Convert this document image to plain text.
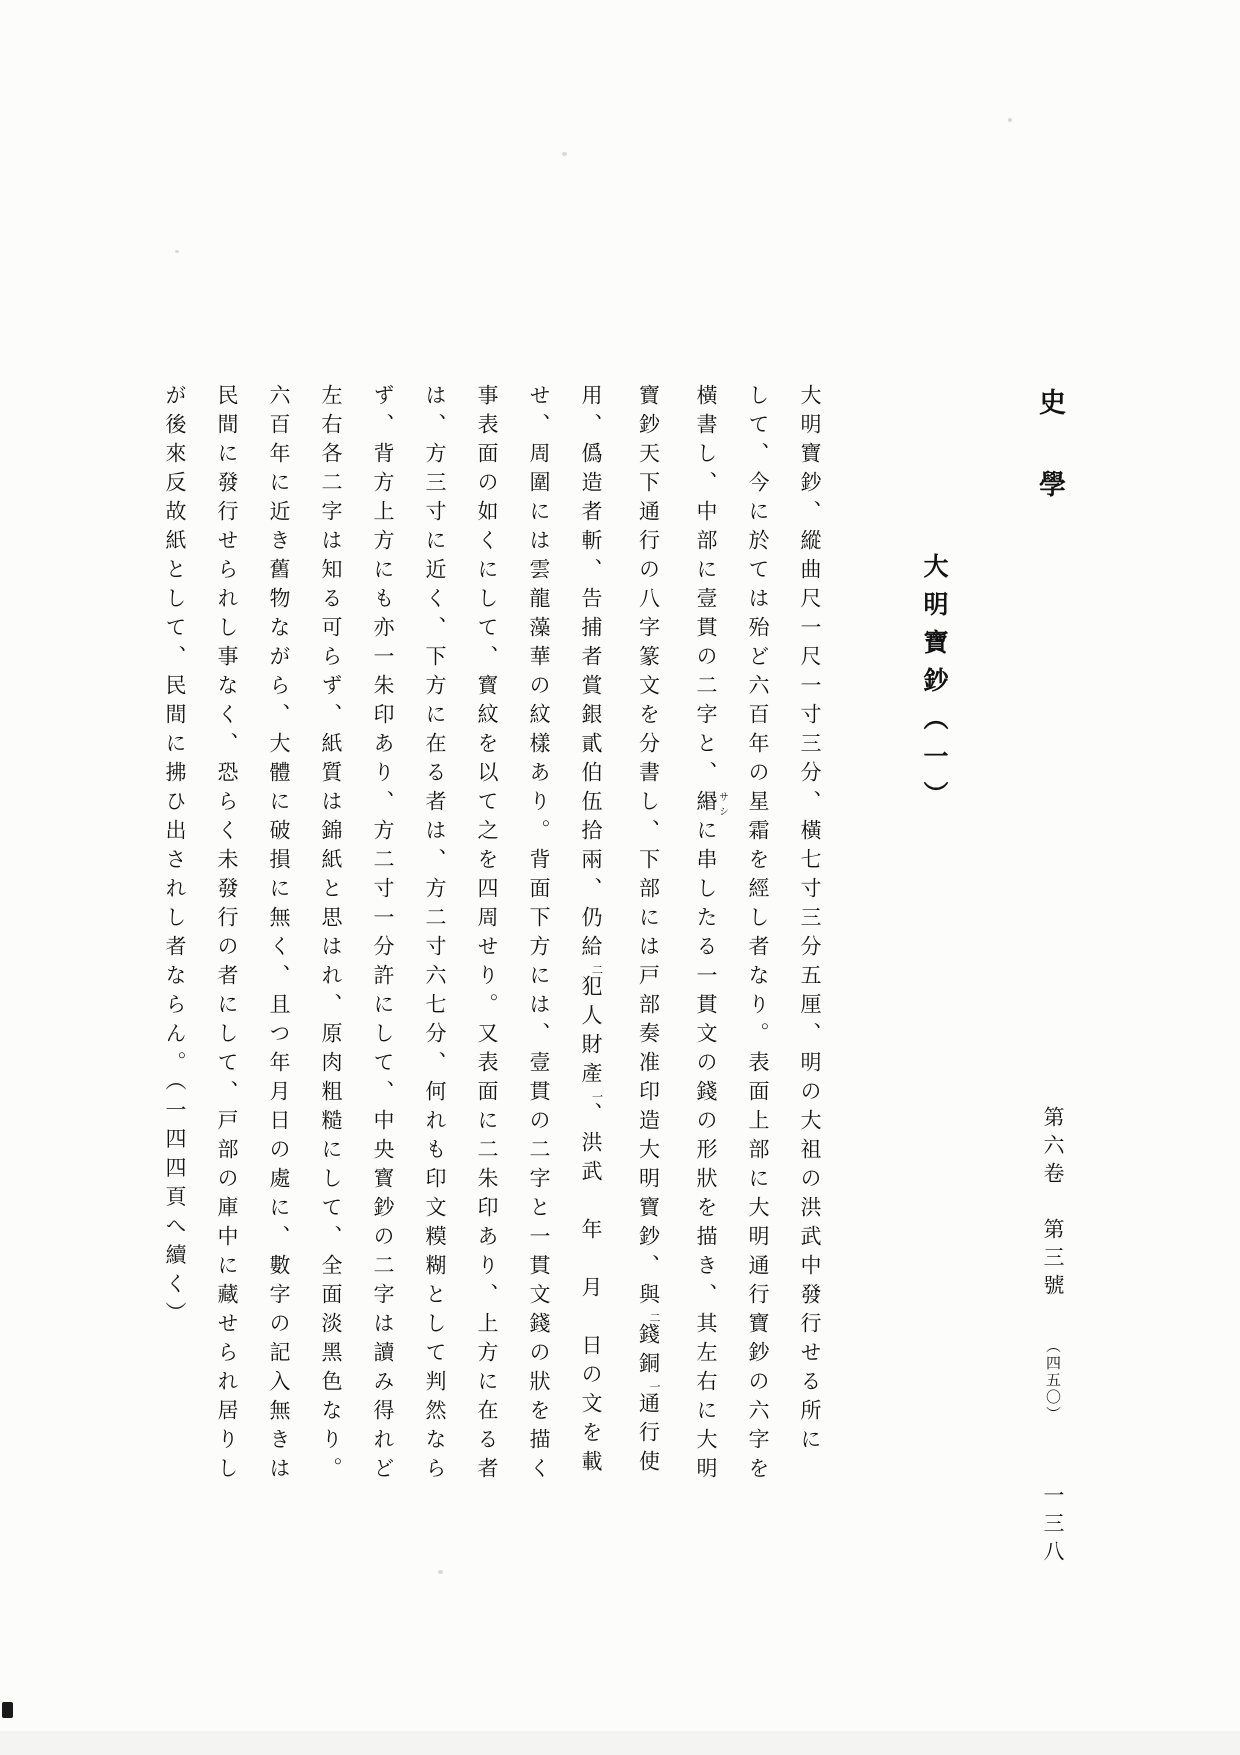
史　學
大明寶鈔（一）
大明寶鈔、縱曲尺一尺一寸三分、橫七寸三分五厘、明の大祖の洪武中發行せる所に
して、今に於ては殆ど六百年の星霜を經し者なり。表面上部に大明通行寶鈔の六字を
橫書し、中部に壹貫の二字と、緡サシに串したる一貫文の錢の形狀を描き、其左右に大明
寶鈔天下通行の八字篆文を分書し、下部には戸部奏准印造大明寶鈔、與二錢銅一通行使
用、僞造者斬、告捕者賞銀貳伯伍拾兩、仍給二犯人財產一、洪武　年　月　日の文を載
せ、周圍には雲龍藻華の紋樣あり。背面下方には、壹貫の二字と一貫文錢の狀を描く
事表面の如くにして、寳紋を以て之を四周せり。又表面に二朱印あり、上方に在る者
は、方三寸に近く、下方に在る者は、方二寸六七分、何れも印文糢糊として判然なら
ず、背方上方にも亦一朱印あり、方二寸一分許にして、中央寳鈔の二字は讀み得れど
左右各二字は知る可らず、紙質は錦紙と思はれ、原肉粗糙にして、全面淡黑色なり。
六百年に近き舊物ながら、大體に破損に無く、且つ年月日の處に、數字の記入無きは
民間に發行せられし事なく、恐らく未發行の者にして、戸部の庫中に藏せられ居りし
が後來反故紙として、民間に拂ひ出されし者ならん。（一四四頁へ續く）	第六卷　第三號 （四五〇） 一三八
